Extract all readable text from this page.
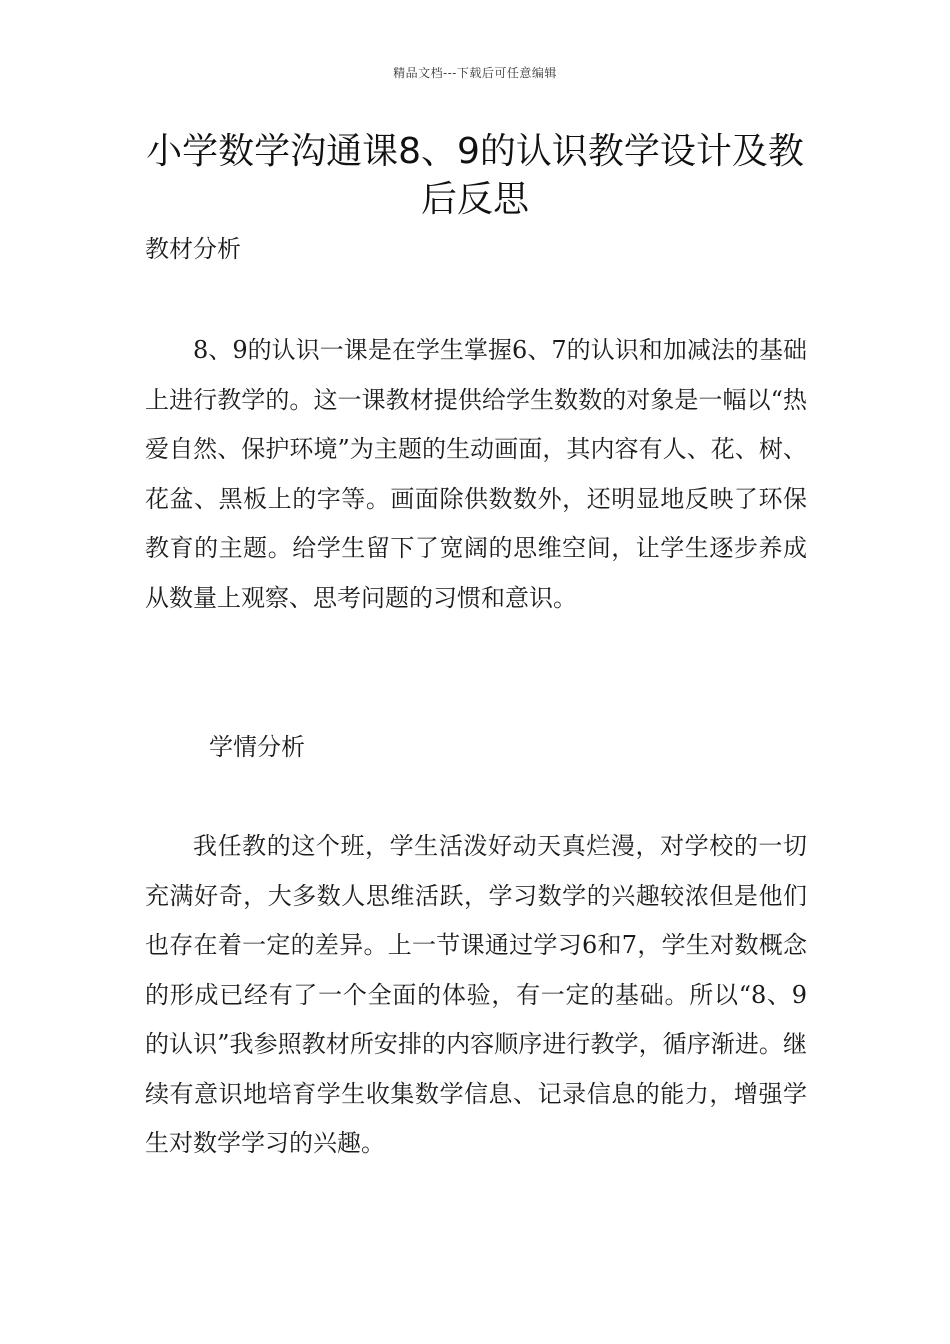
精品文档---下载后可任意编辑
小学数学沟通课8、9的认识教学设计及教后反思
教材分析

8、9的认识一课是在学生掌握6、7的认识和加减法的基础上进行教学的。这一课教材提供给学生数数的对象是一幅以“热爱自然、保护环境”为主题的生动画面，其内容有人、花、树、花盆、黑板上的字等。画面除供数数外，还明显地反映了环保教育的主题。给学生留下了宽阔的思维空间，让学生逐步养成从数量上观察、思考问题的习惯和意识。

学情分析

我任教的这个班，学生活泼好动天真烂漫，对学校的一切充满好奇，大多数人思维活跃，学习数学的兴趣较浓但是他们也存在着一定的差异。上一节课通过学习6和7，学生对数概念的形成已经有了一个全面的体验，有一定的基础。所以“8、9的认识”我参照教材所安排的内容顺序进行教学，循序渐进。继续有意识地培育学生收集数学信息、记录信息的能力，增强学生对数学学习的兴趣。
